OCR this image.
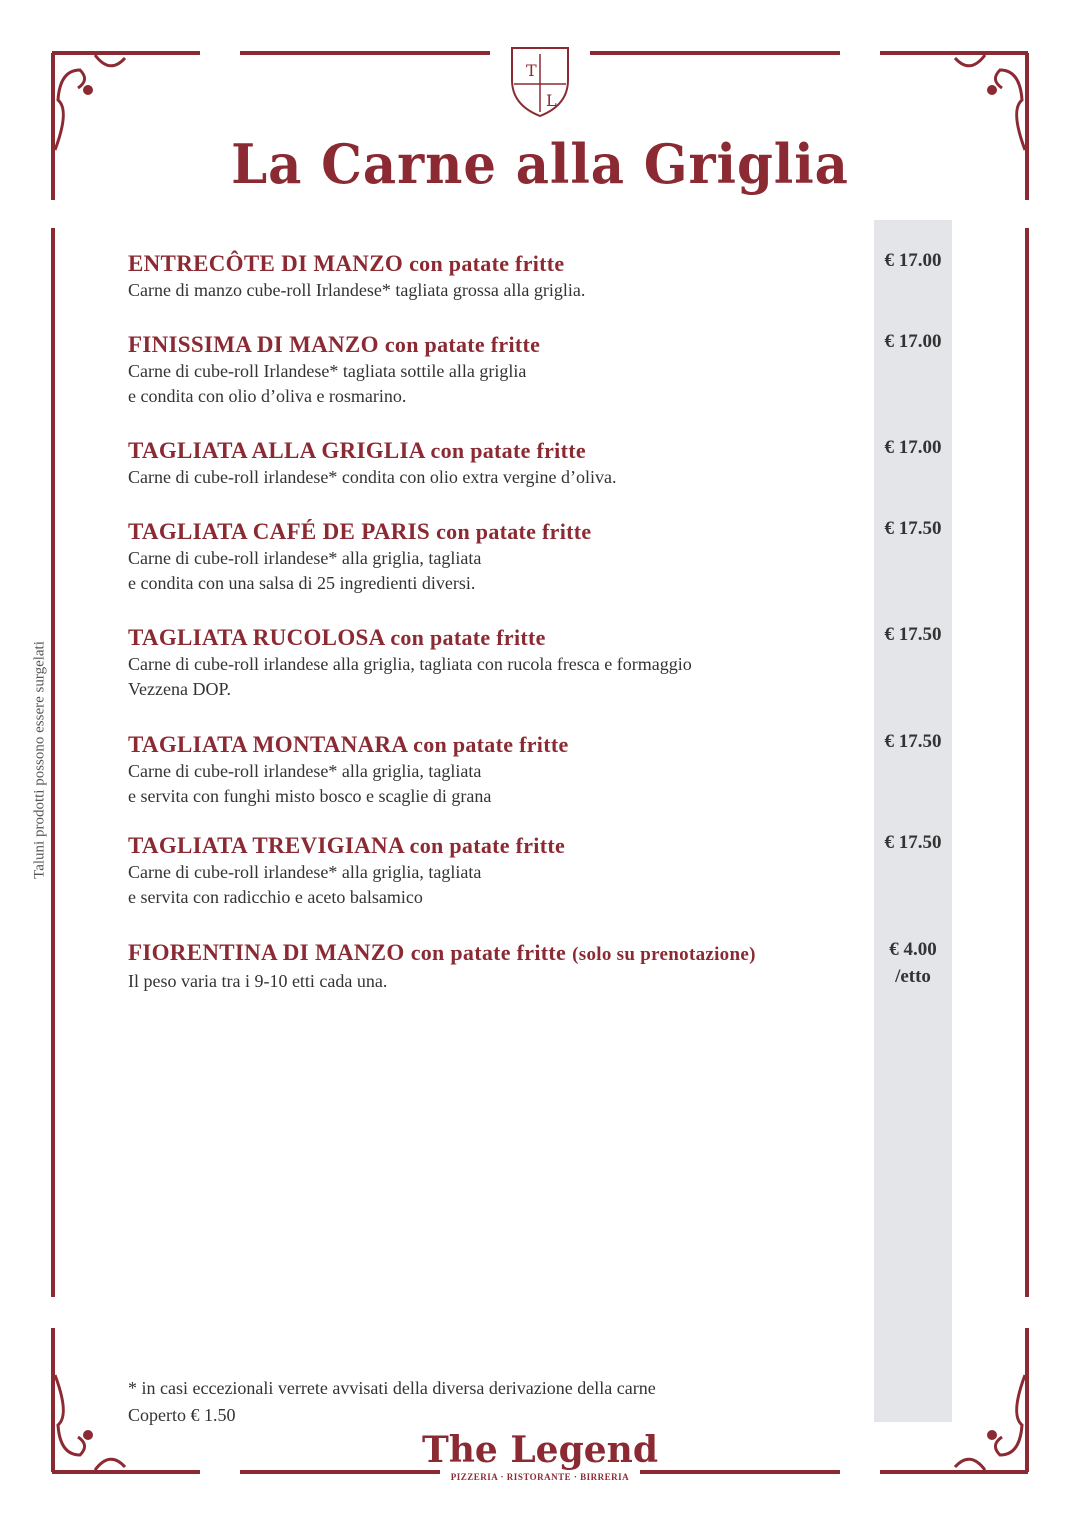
T
L
La Carne alla Griglia
Taluni prodotti possono essere surgelati
ENTRECÔTE DI MANZO con patate fritte
Carne di manzo cube-roll Irlandese* tagliata grossa alla griglia.
€ 17.00
FINISSIMA DI MANZO con patate fritte
Carne di cube-roll Irlandese* tagliata sottile alla griglia
e condita con olio d’oliva e rosmarino.
€ 17.00
TAGLIATA ALLA GRIGLIA con patate fritte
Carne di cube-roll irlandese* condita con olio extra vergine d’oliva.
€ 17.00
TAGLIATA CAFÉ DE PARIS con patate fritte
Carne di cube-roll irlandese* alla griglia, tagliata
e condita con una salsa di 25 ingredienti diversi.
€ 17.50
TAGLIATA RUCOLOSA con patate fritte
Carne di cube-roll irlandese alla griglia, tagliata con rucola fresca e formaggio
Vezzena DOP.
€ 17.50
TAGLIATA MONTANARA con patate fritte
Carne di cube-roll irlandese* alla griglia, tagliata
e servita con funghi misto bosco e scaglie di grana
€ 17.50
TAGLIATA TREVIGIANA con patate fritte
Carne di cube-roll irlandese* alla griglia, tagliata
e servita con radicchio e aceto balsamico
€ 17.50
FIORENTINA DI MANZO con patate fritte (solo su prenotazione)
Il peso varia tra i 9-10 etti cada una.
€ 4.00
/etto
* in casi eccezionali verrete avvisati della diversa derivazione della carne
Coperto € 1.50
The Legend
PIZZERIA · RISTORANTE · BIRRERIA
